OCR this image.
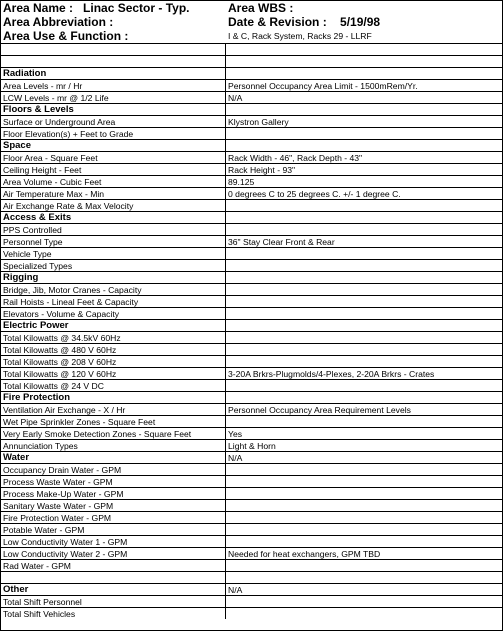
Area Name :   Linac Sector - Typ.	Area WBS :
Area Abbreviation :	Date & Revision :    5/19/98
Area Use & Function :	I & C, Rack System, Racks 29 - LLRF
Radiation
Area Levels - mr / Hr	Personnel Occupancy Area Limit - 1500mRem/Yr.
LCW Levels - mr @ 1/2 Life	N/A
Floors & Levels
Surface or Underground Area	Klystron Gallery
Floor Elevation(s) + Feet to Grade
Space
Floor Area - Square Feet	Rack Width - 46", Rack Depth - 43"
Ceiling Height - Feet	Rack Height - 93"
Area Volume - Cubic Feet	89.125
Air Temperature Max - Min	0 degrees C to 25 degrees C. +/- 1 degree C.
Air Exchange Rate & Max Velocity
Access & Exits
PPS Controlled
Personnel Type	36" Stay Clear Front & Rear
Vehicle Type
Specialized Types
Rigging
Bridge, Jib, Motor Cranes - Capacity
Rail Hoists - Lineal Feet & Capacity
Elevators - Volume & Capacity
Electric Power
Total Kilowatts @ 34.5kV 60Hz
Total Kilowatts @ 480 V 60Hz
Total Kilowatts @ 208 V 60Hz
Total Kilowatts @ 120 V 60Hz	3-20A Brkrs-Plugmolds/4-Plexes, 2-20A Brkrs - Crates
Total Kilowatts @ 24 V DC
Fire Protection
Ventilation Air Exchange - X / Hr	Personnel Occupancy Area Requirement Levels
Wet Pipe Sprinkler Zones - Square Feet
Very Early Smoke Detection Zones - Square Feet	Yes
Annunciation Types	Light & Horn
Water	N/A
Occupancy Drain Water - GPM
Process Waste Water - GPM
Process Make-Up Water - GPM
Sanitary Waste Water - GPM
Fire Protection Water - GPM
Potable Water - GPM
Low Conductivity Water 1 - GPM
Low Conductivity Water 2 - GPM	Needed for heat exchangers, GPM TBD
Rad Water - GPM
Other	N/A
Total Shift Personnel
Total Shift Vehicles
